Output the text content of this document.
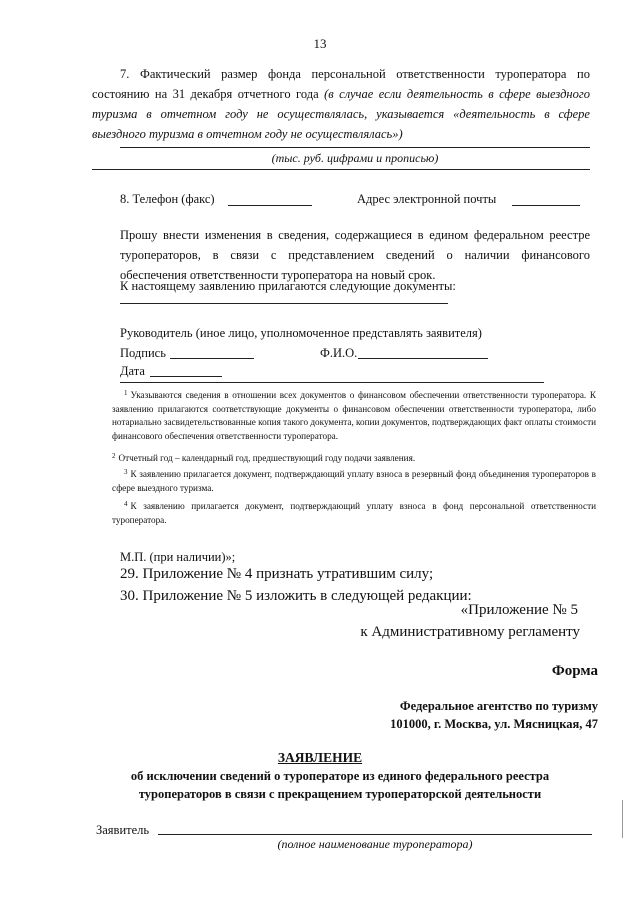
13
7. Фактический размер фонда персональной ответственности туроператора по состоянию на 31 декабря отчетного года (в случае если деятельность в сфере выездного туризма в отчетном году не осуществлялась, указывается «деятельность в сфере выездного туризма в отчетном году не осуществлялась»)
(тыс. руб. цифрами и прописью)
8. Телефон (факс)	Адрес электронной почты
Прошу внести изменения в сведения, содержащиеся в едином федеральном реестре туроператоров, в связи с представлением сведений о наличии финансового обеспечения ответственности туроператора на новый срок.
К настоящему заявлению прилагаются следующие документы:
Руководитель (иное лицо, уполномоченное представлять заявителя)
Подпись	Ф.И.О.
Дата
$^1$ Указываются сведения в отношении всех документов о финансовом обеспечении ответственности туроператора. К заявлению прилагаются соответствующие документы о финансовом обеспечении ответственности туроператора, либо нотариально засвидетельствованные копия такого документа, копии документов, подтверждающих факт оплаты стоимости финансового обеспечения ответственности туроператора.
$^2$ Отчетный год – календарный год, предшествующий году подачи заявления.
$^3$ К заявлению прилагается документ, подтверждающий уплату взноса в резервный фонд объединения туроператоров в сфере выездного туризма.
$^4$ К заявлению прилагается документ, подтверждающий уплату взноса в фонд персональной ответственности туроператора.
М.П. (при наличии)»;
29. Приложение № 4 признать утратившим силу;
30. Приложение № 5 изложить в следующей редакции:
«Приложение № 5
к Административному регламенту
Форма
Федеральное агентство по туризму
101000, г. Москва, ул. Мясницкая, 47
ЗАЯВЛЕНИЕ
об исключении сведений о туроператоре из единого федерального реестра
туроператоров в связи с прекращением туроператорской деятельности
Заявитель
(полное наименование туроператора)
